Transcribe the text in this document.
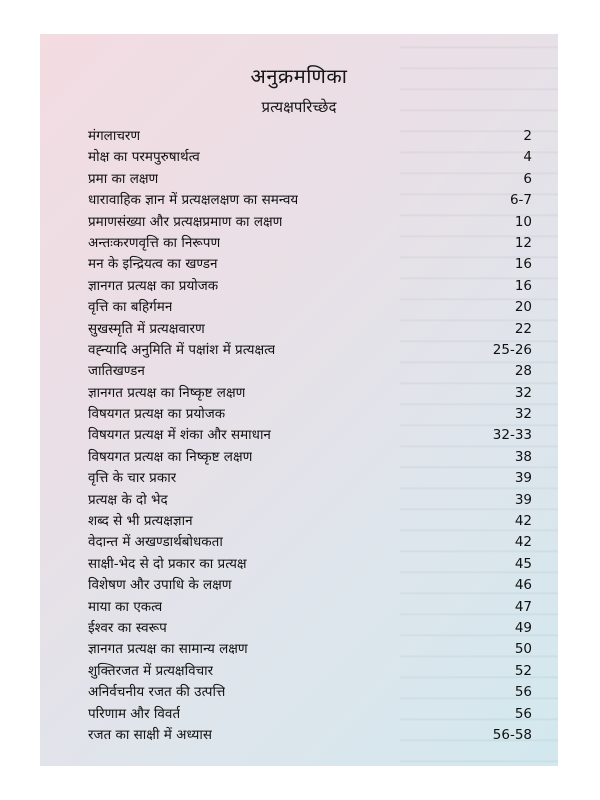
अनुक्रमणिका
प्रत्यक्षपरिच्छेद
मंगलाचरण	2
मोक्ष का परमपुरुषार्थत्व	4
प्रमा का लक्षण	6
धारावाहिक ज्ञान में प्रत्यक्षलक्षण का समन्वय	6-7
प्रमाणसंख्या और प्रत्यक्षप्रमाण का लक्षण	10
अन्तःकरणवृत्ति का निरूपण	12
मन के इन्द्रियत्व का खण्डन	16
ज्ञानगत प्रत्यक्ष का प्रयोजक	16
वृत्ति का बहिर्गमन	20
सुखस्मृति में प्रत्यक्षवारण	22
वह्न्यादि अनुमिति में पक्षांश में प्रत्यक्षत्व	25-26
जातिखण्डन	28
ज्ञानगत प्रत्यक्ष का निष्कृष्ट लक्षण	32
विषयगत प्रत्यक्ष का प्रयोजक	32
विषयगत प्रत्यक्ष में शंका और समाधान	32-33
विषयगत प्रत्यक्ष का निष्कृष्ट लक्षण	38
वृत्ति के चार प्रकार	39
प्रत्यक्ष के दो भेद	39
शब्द से भी प्रत्यक्षज्ञान	42
वेदान्त में अखण्डार्थबोधकता	42
साक्षी-भेद से दो प्रकार का प्रत्यक्ष	45
विशेषण और उपाधि के लक्षण	46
माया का एकत्व	47
ईश्वर का स्वरूप	49
ज्ञानगत प्रत्यक्ष का सामान्य लक्षण	50
शुक्तिरजत में प्रत्यक्षविचार	52
अनिर्वचनीय रजत की उत्पत्ति	56
परिणाम और विवर्त	56
रजत का साक्षी में अध्यास	56-58
